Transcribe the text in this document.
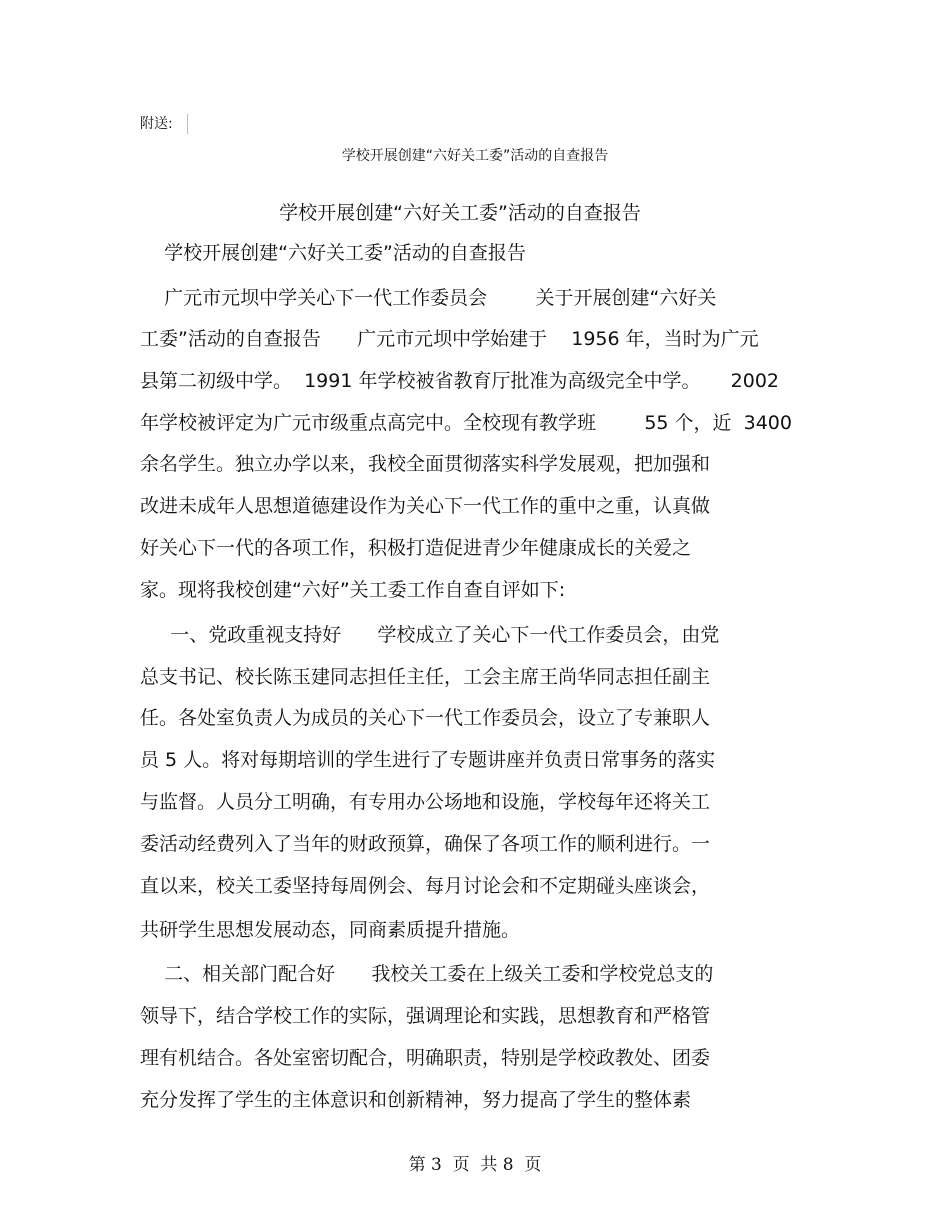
附送:
学校开展创建“六好关工委”活动的自查报告
学校开展创建“六好关工委”活动的自查报告
学校开展创建“六好关工委”活动的自查报告
广元市元坝中学关心下一代工作委员会        关于开展创建“六好关
工委”活动的自查报告      广元市元坝中学始建于    1956 年，当时为广元
县第二初级中学。  1991 年学校被省教育厅批准为高级完全中学。     2002
年学校被评定为广元市级重点高完中。全校现有教学班        55 个，近  3400
余名学生。独立办学以来，我校全面贯彻落实科学发展观，把加强和
改进未成年人思想道德建设作为关心下一代工作的重中之重，认真做
好关心下一代的各项工作，积极打造促进青少年健康成长的关爱之
家。现将我校创建“六好”关工委工作自查自评如下:
一、党政重视支持好      学校成立了关心下一代工作委员会，由党
总支书记、校长陈玉建同志担任主任，工会主席王尚华同志担任副主
任。各处室负责人为成员的关心下一代工作委员会，设立了专兼职人
员 5 人。将对每期培训的学生进行了专题讲座并负责日常事务的落实
与监督。人员分工明确，有专用办公场地和设施，学校每年还将关工
委活动经费列入了当年的财政预算，确保了各项工作的顺利进行。一
直以来，校关工委坚持每周例会、每月讨论会和不定期碰头座谈会，
共研学生思想发展动态，同商素质提升措施。
二、相关部门配合好      我校关工委在上级关工委和学校党总支的
领导下，结合学校工作的实际，强调理论和实践，思想教育和严格管
理有机结合。各处室密切配合，明确职责，特别是学校政教处、团委
充分发挥了学生的主体意识和创新精神，努力提高了学生的整体素
第 3  页  共 8  页
